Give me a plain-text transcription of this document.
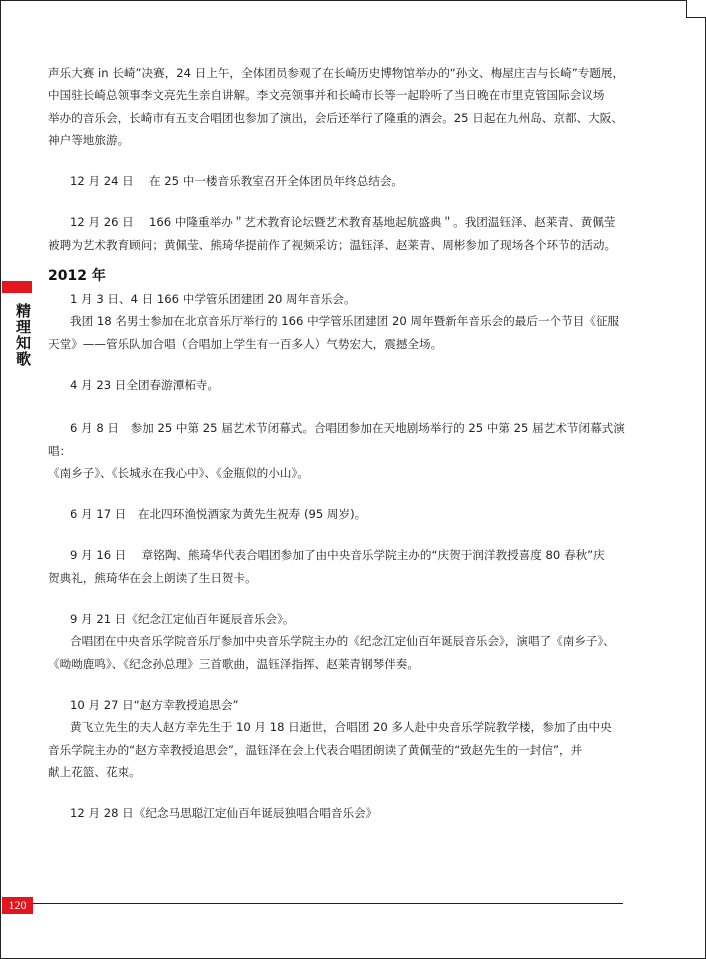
精理知歌

声乐大赛 in 长崎”决赛，24 日上午，全体团员参观了在长崎历史博物馆举办的“孙文、梅屋庄吉与长崎”专题展，

中国驻长崎总领事李文亮先生亲自讲解。李文亮领事并和长崎市长等一起聆听了当日晚在市里克管国际会议场

举办的音乐会，长崎市有五支合唱团也参加了演出，会后还举行了隆重的酒会。25 日起在九州岛、京都、大阪、

神户等地旅游。

12 月 24 日　 在 25 中一楼音乐教室召开全体团员年终总结会。

12 月 26 日　 166 中隆重举办＂艺术教育论坛暨艺术教育基地起航盛典＂。我团温钰泽、赵莱青、黄佩莹

被聘为艺术教育顾问；黄佩莹、熊琦华提前作了视频采访；温钰泽、赵莱青、周彬参加了现场各个环节的活动。

2012 年

1 月 3 日、4 日 166 中学管乐团建团 20 周年音乐会。

我团 18 名男士参加在北京音乐厅举行的 166 中学管乐团建团 20 周年暨新年音乐会的最后一个节目《征服

天堂》——管乐队加合唱（合唱加上学生有一百多人）气势宏大，震撼全场。

4 月 23 日全团春游潭柘寺。

6 月 8 日　参加 25 中第 25 届艺术节闭幕式。合唱团参加在天地剧场举行的 25 中第 25 届艺术节闭幕式演唱：

《南乡子》、《长城永在我心中》、《金瓶似的小山》。

6 月 17 日　在北四环渔悦酒家为黄先生祝寿 (95 周岁)。

9 月 16 日　 章铭陶、熊琦华代表合唱团参加了由中央音乐学院主办的“庆贺于润洋教授喜度 80 春秋”庆

贺典礼，熊琦华在会上朗读了生日贺卡。

9 月 21 日《纪念江定仙百年诞辰音乐会》。

合唱团在中央音乐学院音乐厅参加中央音乐学院主办的《纪念江定仙百年诞辰音乐会》，演唱了《南乡子》、

《呦呦鹿鸣》、《纪念孙总理》三首歌曲，温钰泽指挥、赵莱青钢琴伴奏。

10 月 27 日“赵方幸教授追思会”

黄飞立先生的夫人赵方幸先生于 10 月 18 日逝世，合唱团 20 多人赴中央音乐学院教学楼，参加了由中央

音乐学院主办的“赵方幸教授追思会”，温钰泽在会上代表合唱团朗读了黄佩莹的“致赵先生的一封信”，并

献上花篮、花束。

12 月 28 日《纪念马思聪江定仙百年诞辰独唱合唱音乐会》

120
